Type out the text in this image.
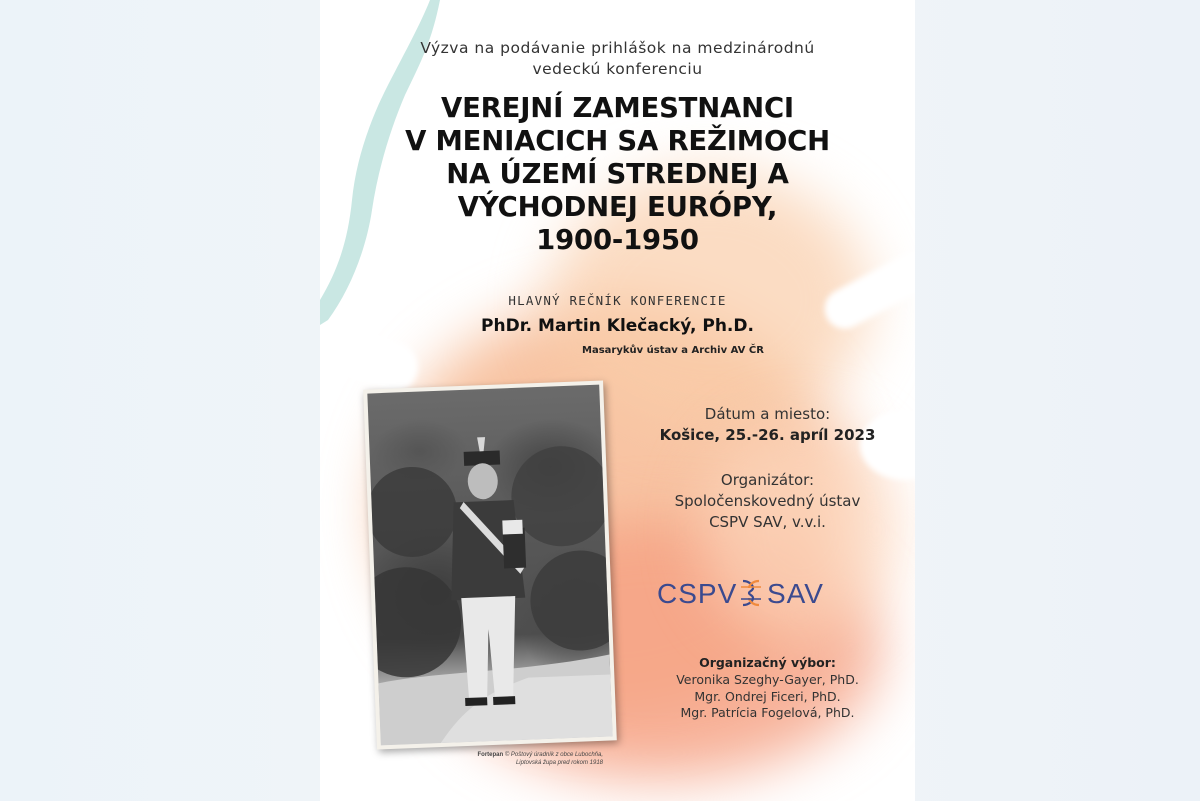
Výzva na podávanie prihlášok na medzinárodnú
vedeckú konferenciu
VEREJNÍ ZAMESTNANCI
V MENIACICH SA REŽIMOCH
NA ÚZEMÍ STREDNEJ A
VÝCHODNEJ EURÓPY,
1900-1950
HLAVNÝ REČNÍK KONFERENCIE
PhDr. Martin Klečacký, Ph.D.
Masarykův ústav a Archiv AV ČR
Fortepan © Poštový úradník z obce Lubochňa,
Liptovská župa pred rokom 1918
Dátum a miesto:
Košice, 25.-26. apríl 2023
Organizátor:
Spoločenskovedný ústav
CSPV SAV, v.v.i.
CSPV SAV
Organizačný výbor:
Veronika Szeghy-Gayer, PhD.
Mgr. Ondrej Ficeri, PhD.
Mgr. Patrícia Fogelová, PhD.
